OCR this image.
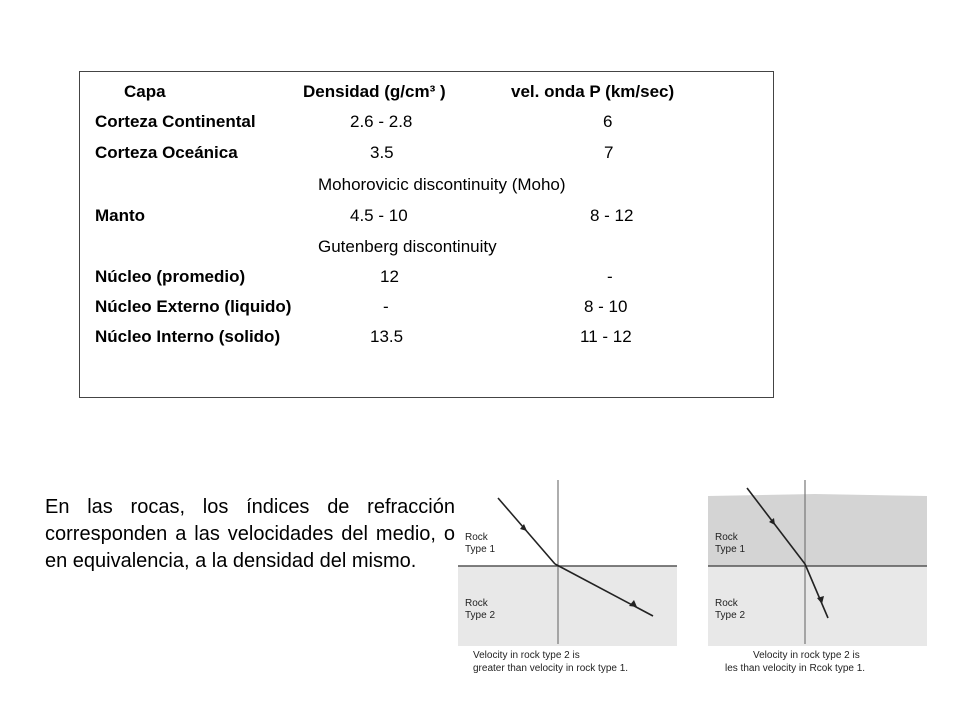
Capa	Densidad (g/cm³ )	vel. onda P (km/sec)
Corteza Continental	2.6 - 2.8	6
Corteza Oceánica	3.5	7
Mohorovicic discontinuity (Moho)
Manto	4.5 - 10	8 - 12
Gutenberg discontinuity
Núcleo (promedio)	12	-
Núcleo Externo (liquido)	-	8 - 10
Núcleo Interno (solido)	13.5	11 - 12
En las rocas, los índices de refracción corresponden a las velocidades del medio, o en equivalencia, a la densidad del mismo.
Rock
Type 1
Rock
Type 2
Velocity in rock type 2 is
greater than velocity in rock type 1.
Rock
Type 1
Rock
Type 2
Velocity in rock type 2 is
les than velocity in Rcok type 1.
